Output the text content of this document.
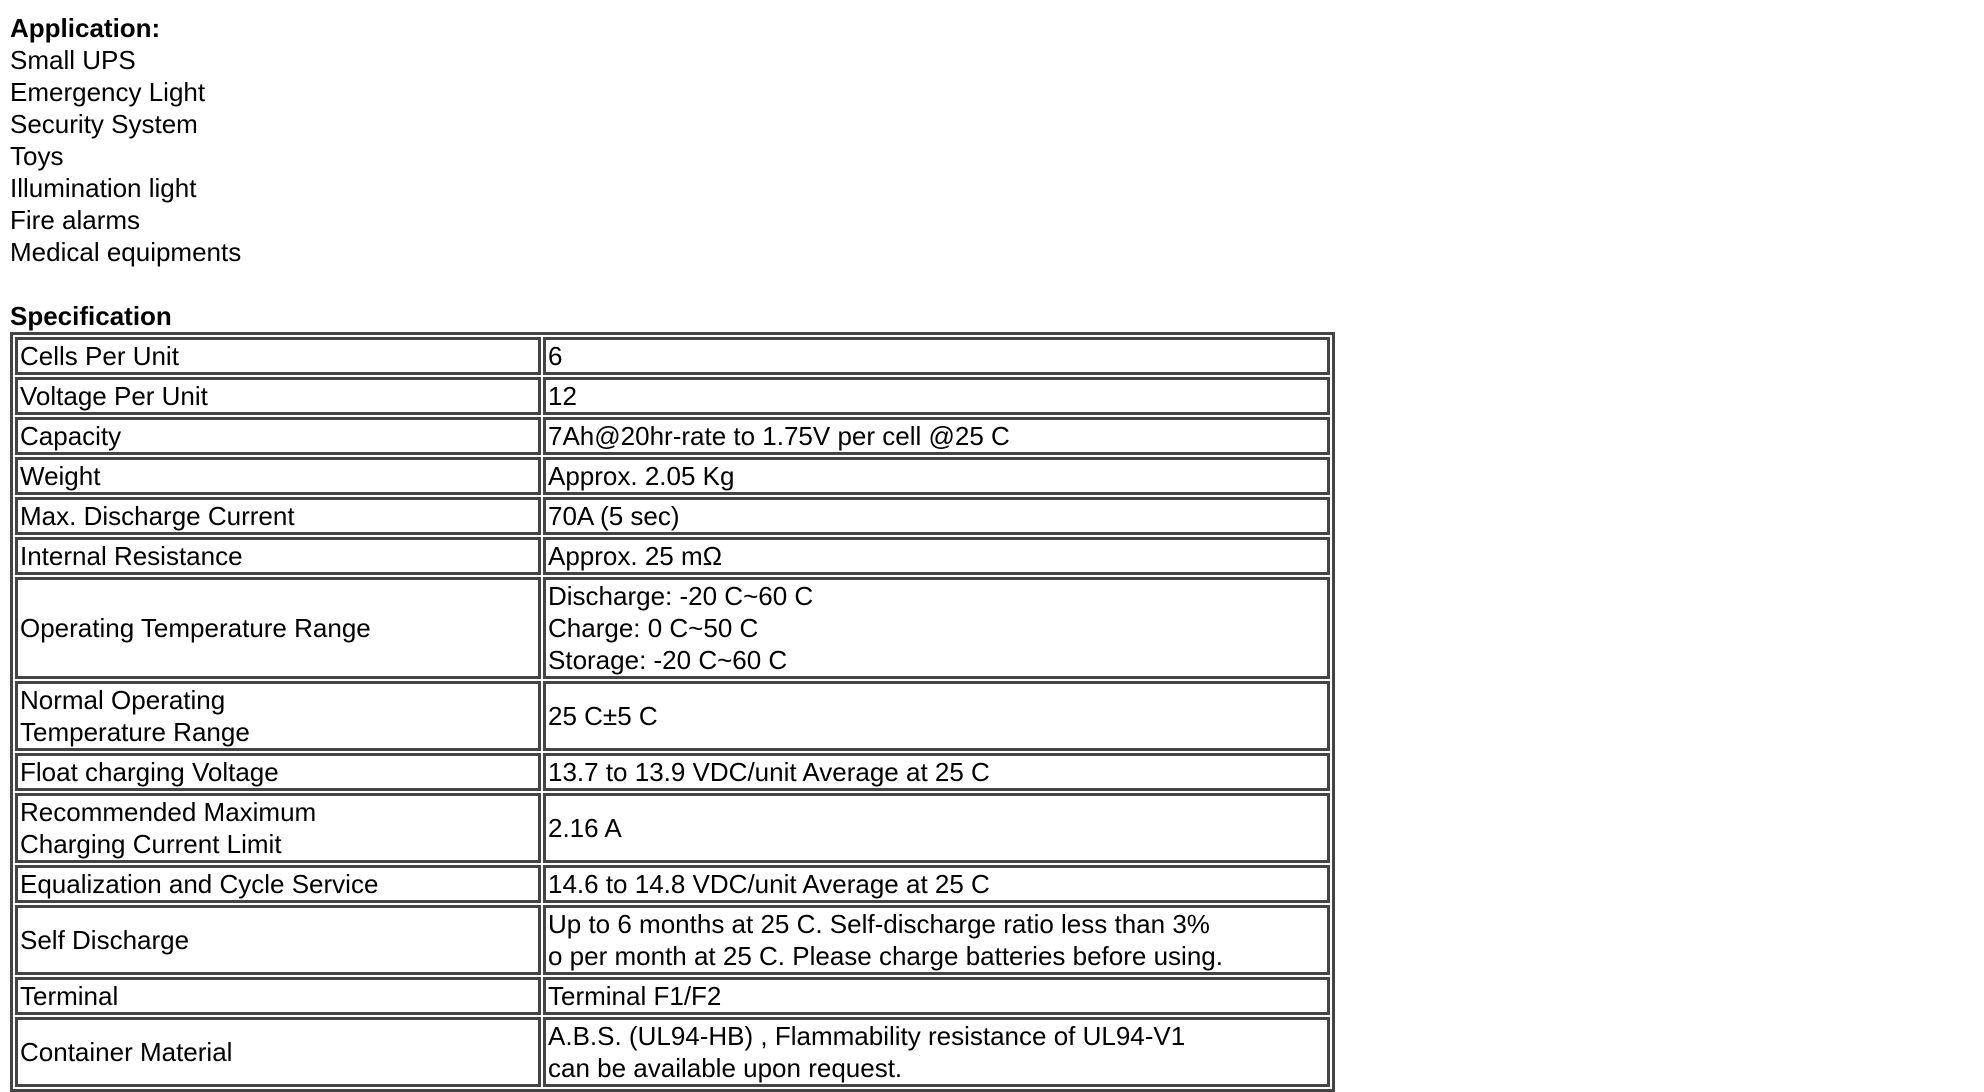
Application:
Small UPS
Emergency Light
Security System
Toys
Illumination light
Fire alarms
Medical equipments
Specification
Cells Per Unit	6

Voltage Per Unit	12

Capacity	7Ah@20hr-rate to 1.75V per cell @25 C

Weight	Approx. 2.05 Kg

Max. Discharge Current	70A (5 sec)

Internal Resistance	Approx. 25 mΩ

Operating Temperature Range	Discharge: -20 C~60 C
Charge: 0 C~50 C
Storage: -20 C~60 C

Normal Operating
Temperature Range	25 C±5 C

Float charging Voltage	13.7 to 13.9 VDC/unit Average at 25 C

Recommended Maximum
Charging Current Limit	2.16 A

Equalization and Cycle Service	14.6 to 14.8 VDC/unit Average at 25 C

Self Discharge	Up to 6 months at 25 C. Self-discharge ratio less than 3%
o per month at 25 C. Please charge batteries before using.

Terminal	Terminal F1/F2

Container Material	A.B.S. (UL94-HB) , Flammability resistance of UL94-V1
can be available upon request.
